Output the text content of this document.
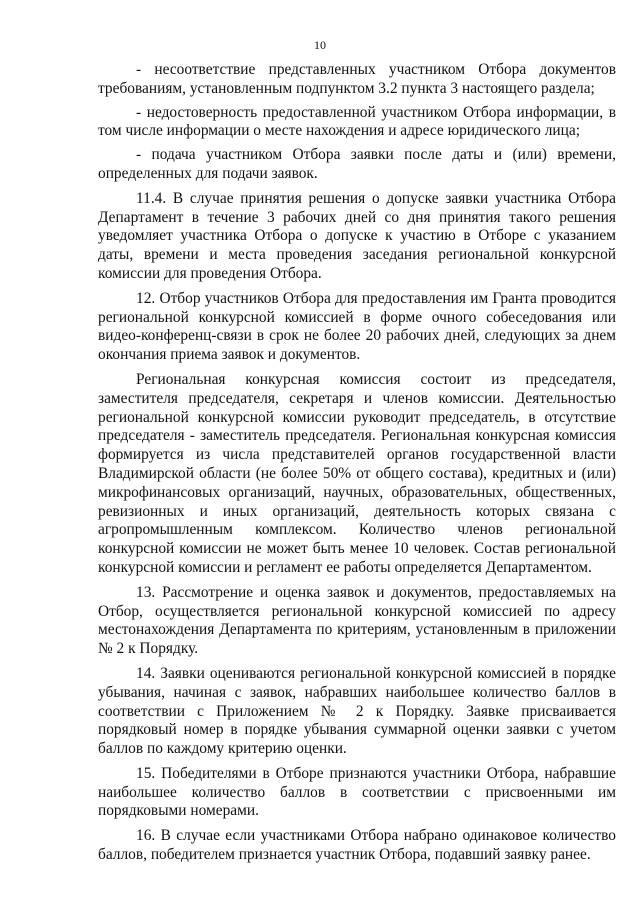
10

- несоответствие представленных участником Отбора документов требованиям, установленным подпунктом 3.2 пункта 3 настоящего раздела;

- недостоверность предоставленной участником Отбора информации, в том числе информации о месте нахождения и адресе юридического лица;

- подача участником Отбора заявки после даты и (или) времени, определенных для подачи заявок.

11.4. В случае принятия решения о допуске заявки участника Отбора Департамент в течение 3 рабочих дней со дня принятия такого решения уведомляет участника Отбора о допуске к участию в Отборе с указанием даты, времени и места проведения заседания региональной конкурсной комиссии для проведения Отбора.

12. Отбор участников Отбора для предоставления им Гранта проводится региональной конкурсной комиссией в форме очного собеседования или видео-конференц-связи в срок не более 20 рабочих дней, следующих за днем окончания приема заявок и документов.

Региональная конкурсная комиссия состоит из председателя, заместителя председателя, секретаря и членов комиссии. Деятельностью региональной конкурсной комиссии руководит председатель, в отсутствие председателя - заместитель председателя. Региональная конкурсная комиссия формируется из числа представителей органов государственной власти Владимирской области (не более 50% от общего состава), кредитных и (или) микрофинансовых организаций, научных, образовательных, общественных, ревизионных и иных организаций, деятельность которых связана с агропромышленным комплексом. Количество членов региональной конкурсной комиссии не может быть менее 10 человек. Состав региональной конкурсной комиссии и регламент ее работы определяется Департаментом.

13. Рассмотрение и оценка заявок и документов, предоставляемых на Отбор, осуществляется региональной конкурсной комиссией по адресу местонахождения Департамента по критериям, установленным в приложении № 2 к Порядку.

14. Заявки оцениваются региональной конкурсной комиссией в порядке убывания, начиная с заявок, набравших наибольшее количество баллов в соответствии с Приложением № 2 к Порядку. Заявке присваивается порядковый номер в порядке убывания суммарной оценки заявки с учетом баллов по каждому критерию оценки.

15. Победителями в Отборе признаются участники Отбора, набравшие наибольшее количество баллов в соответствии с присвоенными им порядковыми номерами.

16. В случае если участниками Отбора набрано одинаковое количество баллов, победителем признается участник Отбора, подавший заявку ранее.
